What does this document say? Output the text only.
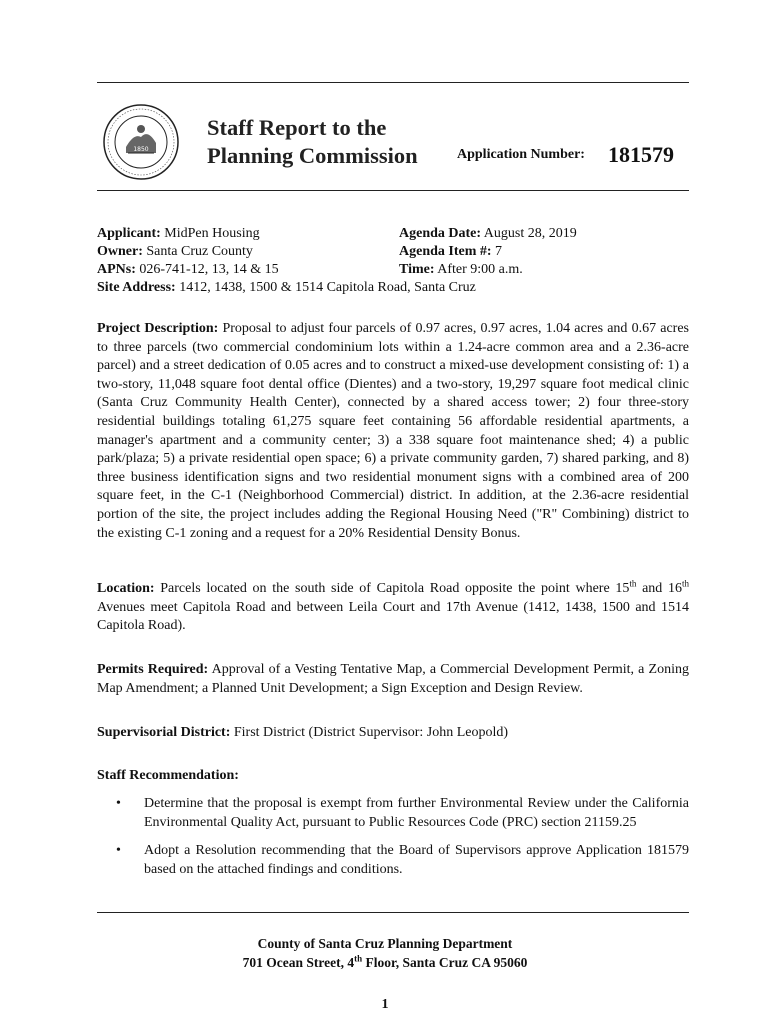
1850
Staff Report to the
Planning Commission	Application Number: 181579
Applicant: MidPen Housing
Owner: Santa Cruz County
APNs: 026-741-12, 13, 14 & 15
Site Address: 1412, 1438, 1500 & 1514 Capitola Road, Santa Cruz
Agenda Date: August 28, 2019
Agenda Item #: 7
Time: After 9:00 a.m.
Project Description: Proposal to adjust four parcels of 0.97 acres, 0.97 acres, 1.04 acres and 0.67 acres to three parcels (two commercial condominium lots within a 1.24-acre common area and a 2.36-acre parcel) and a street dedication of 0.05 acres and to construct a mixed-use development consisting of: 1) a two-story, 11,048 square foot dental office (Dientes) and a two-story, 19,297 square foot medical clinic (Santa Cruz Community Health Center), connected by a shared access tower; 2) four three-story residential buildings totaling 61,275 square feet containing 56 affordable residential apartments, a manager's apartment and a community center; 3) a 338 square foot maintenance shed; 4) a public park/plaza; 5) a private residential open space; 6) a private community garden, 7) shared parking, and 8) three business identification signs and two residential monument signs with a combined area of 200 square feet, in the C-1 (Neighborhood Commercial) district. In addition, at the 2.36-acre residential portion of the site, the project includes adding the Regional Housing Need ("R" Combining) district to the existing C-1 zoning and a request for a 20% Residential Density Bonus.
Location: Parcels located on the south side of Capitola Road opposite the point where 15th and 16th Avenues meet Capitola Road and between Leila Court and 17th Avenue (1412, 1438, 1500 and 1514 Capitola Road).
Permits Required: Approval of a Vesting Tentative Map, a Commercial Development Permit, a Zoning Map Amendment; a Planned Unit Development; a Sign Exception and Design Review.
Supervisorial District: First District (District Supervisor: John Leopold)
Staff Recommendation:
• Determine that the proposal is exempt from further Environmental Review under the California Environmental Quality Act, pursuant to Public Resources Code (PRC) section 21159.25
• Adopt a Resolution recommending that the Board of Supervisors approve Application 181579 based on the attached findings and conditions.
County of Santa Cruz Planning Department
701 Ocean Street, 4th Floor, Santa Cruz CA 95060
1
